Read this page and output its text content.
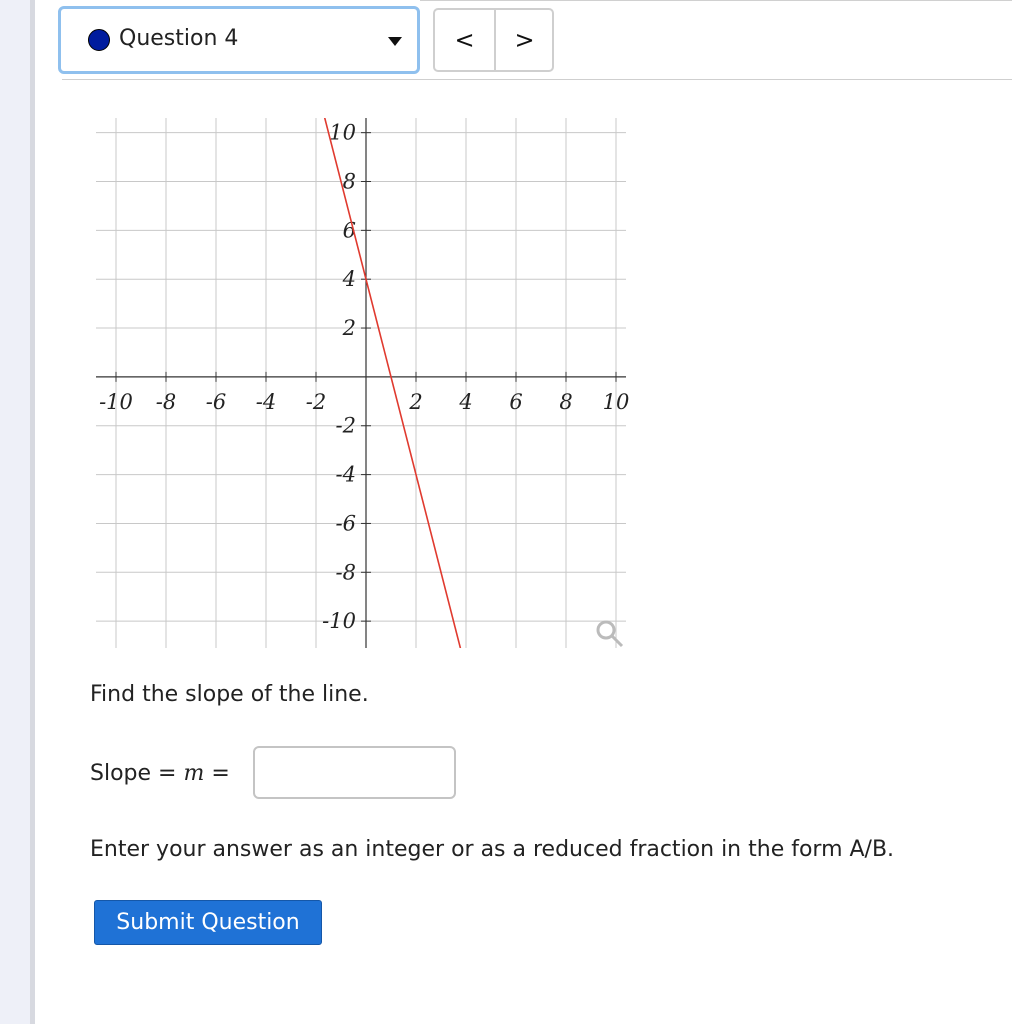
Question 4	<	>
-10 -8 -6 -4 -2	2 4 6 8 10
10
8
6
4
2
-2
-4
-6
-8
-10
Find the slope of the line.
Slope = m =
Enter your answer as an integer or as a reduced fraction in the form A/B.
Submit Question
